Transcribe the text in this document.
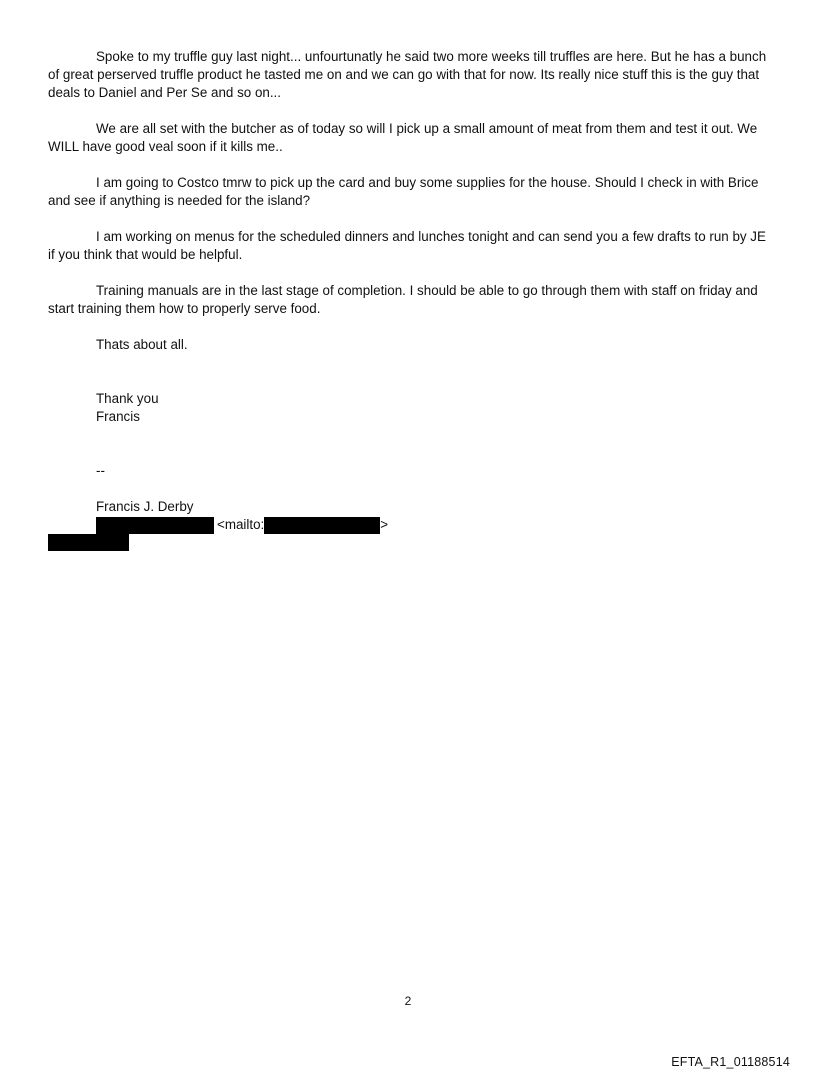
Spoke to my truffle guy last night... unfourtunatly he said two more weeks till truffles are here. But he has a bunch of great perserved truffle product he tasted me on and we can go with that for now. Its really nice stuff this is the guy that deals to Daniel and Per Se and so on...

We are all set with the butcher as of today so will I pick up a small amount of meat from them and test it out. We WILL have good veal soon if it kills me..

I am going to Costco tmrw to pick up the card and buy some supplies for the house. Should I check in with Brice and see if anything is needed for the island?

I am working on menus for the scheduled dinners and lunches tonight and can send you a few drafts to run by JE if you think that would be helpful.

Training manuals are in the last stage of completion. I should be able to go through them with staff on friday and start training them how to properly serve food.

Thats about all.

Thank you

Francis

--

Francis J. Derby

<mailto:	>
2
EFTA_R1_01188514
